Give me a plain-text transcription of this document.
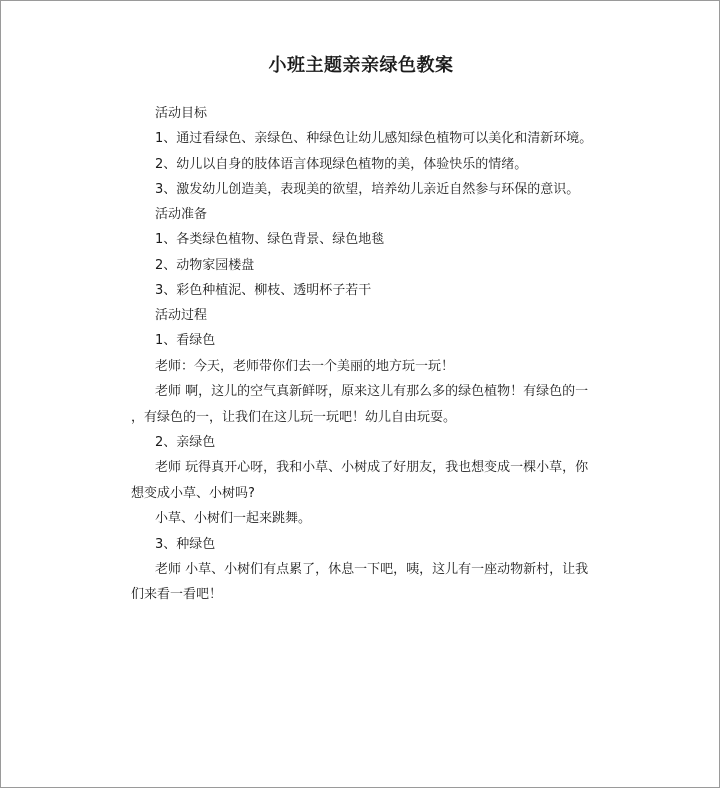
小班主题亲亲绿色教案
活动目标
1、通过看绿色、亲绿色、种绿色让幼儿感知绿色植物可以美化和清新环境。
2、幼儿以自身的肢体语言体现绿色植物的美，体验快乐的情绪。
3、激发幼儿创造美，表现美的欲望，培养幼儿亲近自然参与环保的意识。
活动准备
1、各类绿色植物、绿色背景、绿色地毯
2、动物家园楼盘
3、彩色种植泥、柳枝、透明杯子若干
活动过程
1、看绿色
老师：今天，老师带你们去一个美丽的地方玩一玩！
老师 啊，这儿的空气真新鲜呀，原来这儿有那么多的绿色植物！有绿色的一
，有绿色的一，让我们在这儿玩一玩吧！幼儿自由玩耍。
2、亲绿色
老师 玩得真开心呀，我和小草、小树成了好朋友，我也想变成一棵小草，你
想变成小草、小树吗?
小草、小树们一起来跳舞。
3、种绿色
老师 小草、小树们有点累了，休息一下吧，咦，这儿有一座动物新村，让我
们来看一看吧！
